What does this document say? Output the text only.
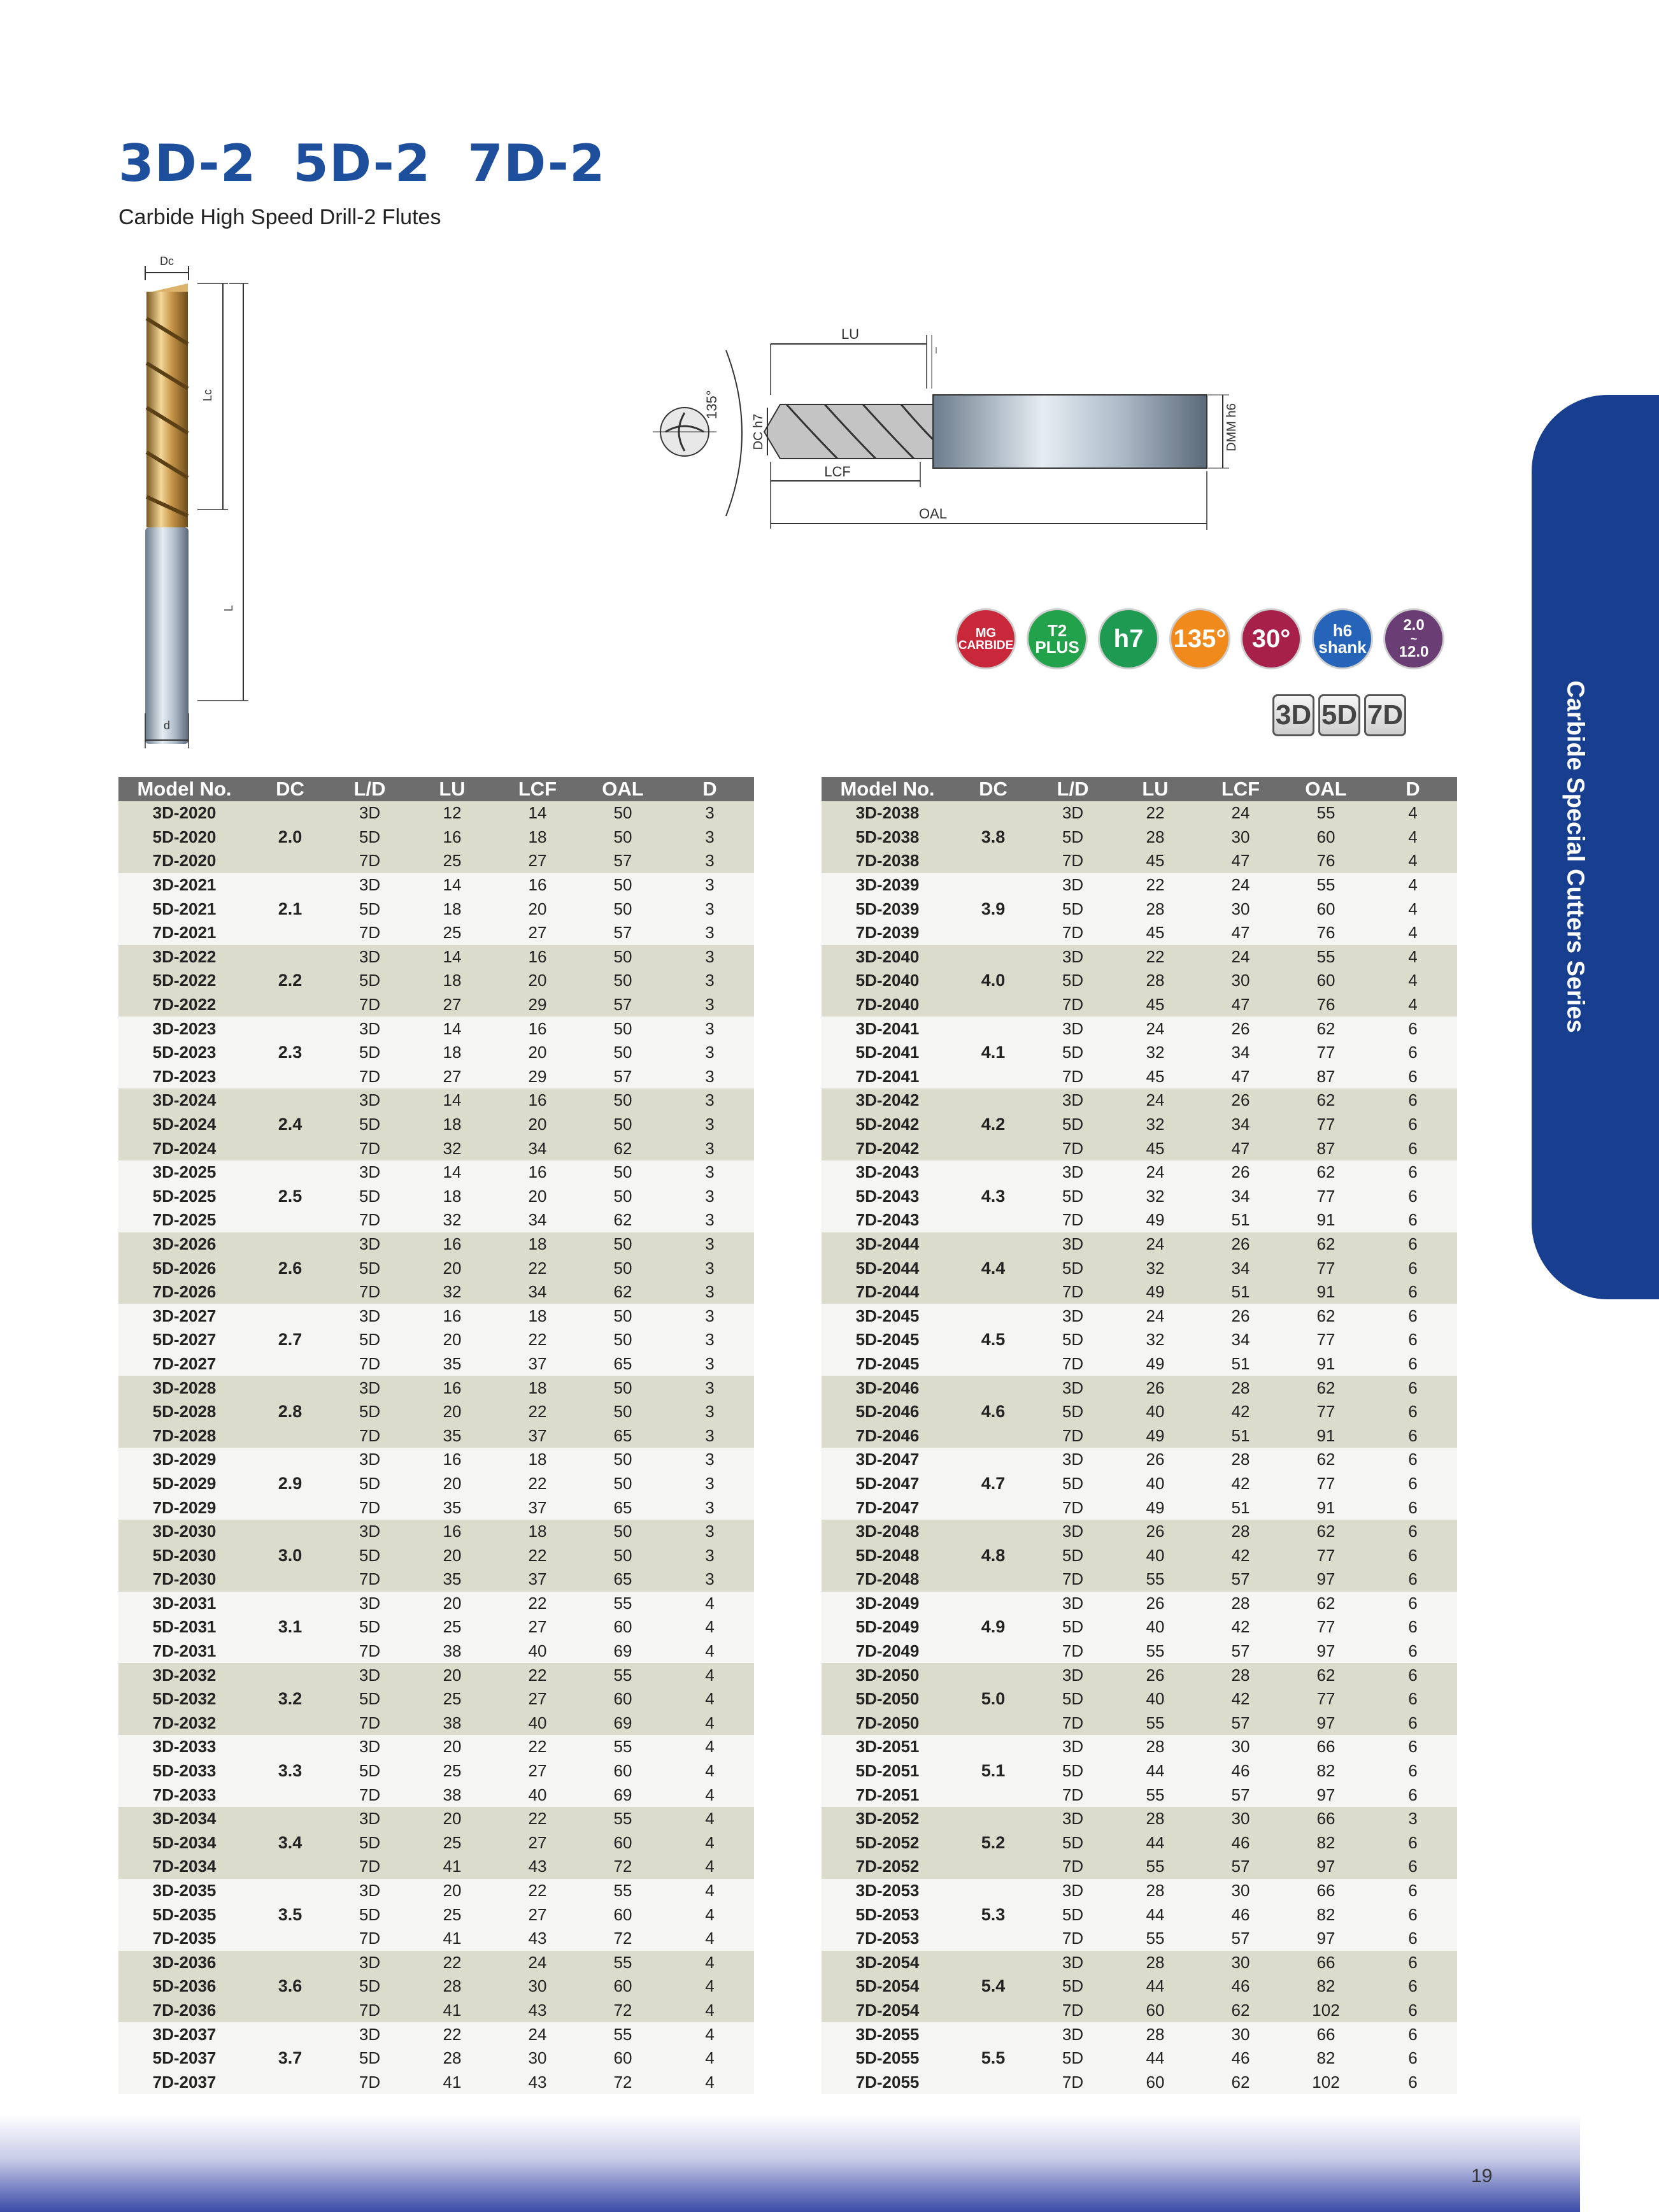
3D-2  5D-2  7D-2
Carbide High Speed Drill-2 Flutes
Carbide Special Cutters Series
Dc
Lc
L
d
135°
LU
LCF
OAL
DC h7	DMM h6
MG
CARBIDE
T2
PLUS h7 135° 30°	h6
shank
2.0
~
12.0
3D 5D 7D
Model No.	DC	L/D	LU	LCF	OAL	D
3D-2020	2.0	3D	12	14	50	3
5D-2020		5D	16	18	50	3
7D-2020		7D	25	27	57	3
3D-2021	2.1	3D	14	16	50	3
5D-2021		5D	18	20	50	3
7D-2021		7D	25	27	57	3
3D-2022	2.2	3D	14	16	50	3
5D-2022		5D	18	20	50	3
7D-2022		7D	27	29	57	3
3D-2023	2.3	3D	14	16	50	3
5D-2023		5D	18	20	50	3
7D-2023		7D	27	29	57	3
3D-2024	2.4	3D	14	16	50	3
5D-2024		5D	18	20	50	3
7D-2024		7D	32	34	62	3
3D-2025	2.5	3D	14	16	50	3
5D-2025		5D	18	20	50	3
7D-2025		7D	32	34	62	3
3D-2026	2.6	3D	16	18	50	3
5D-2026		5D	20	22	50	3
7D-2026		7D	32	34	62	3
3D-2027	2.7	3D	16	18	50	3
5D-2027		5D	20	22	50	3
7D-2027		7D	35	37	65	3
3D-2028	2.8	3D	16	18	50	3
5D-2028		5D	20	22	50	3
7D-2028		7D	35	37	65	3
3D-2029	2.9	3D	16	18	50	3
5D-2029		5D	20	22	50	3
7D-2029		7D	35	37	65	3
3D-2030	3.0	3D	16	18	50	3
5D-2030		5D	20	22	50	3
7D-2030		7D	35	37	65	3
3D-2031	3.1	3D	20	22	55	4
5D-2031		5D	25	27	60	4
7D-2031		7D	38	40	69	4
3D-2032	3.2	3D	20	22	55	4
5D-2032		5D	25	27	60	4
7D-2032		7D	38	40	69	4
3D-2033	3.3	3D	20	22	55	4
5D-2033		5D	25	27	60	4
7D-2033		7D	38	40	69	4
3D-2034	3.4	3D	20	22	55	4
5D-2034		5D	25	27	60	4
7D-2034		7D	41	43	72	4
3D-2035	3.5	3D	20	22	55	4
5D-2035		5D	25	27	60	4
7D-2035		7D	41	43	72	4
3D-2036	3.6	3D	22	24	55	4
5D-2036		5D	28	30	60	4
7D-2036		7D	41	43	72	4
3D-2037	3.7	3D	22	24	55	4
5D-2037		5D	28	30	60	4
7D-2037		7D	41	43	72	4
Model No.	DC	L/D	LU	LCF	OAL	D
3D-2038	3.8	3D	22	24	55	4
5D-2038		5D	28	30	60	4
7D-2038		7D	45	47	76	4
3D-2039	3.9	3D	22	24	55	4
5D-2039		5D	28	30	60	4
7D-2039		7D	45	47	76	4
3D-2040	4.0	3D	22	24	55	4
5D-2040		5D	28	30	60	4
7D-2040		7D	45	47	76	4
3D-2041	4.1	3D	24	26	62	6
5D-2041		5D	32	34	77	6
7D-2041		7D	45	47	87	6
3D-2042	4.2	3D	24	26	62	6
5D-2042		5D	32	34	77	6
7D-2042		7D	45	47	87	6
3D-2043	4.3	3D	24	26	62	6
5D-2043		5D	32	34	77	6
7D-2043		7D	49	51	91	6
3D-2044	4.4	3D	24	26	62	6
5D-2044		5D	32	34	77	6
7D-2044		7D	49	51	91	6
3D-2045	4.5	3D	24	26	62	6
5D-2045		5D	32	34	77	6
7D-2045		7D	49	51	91	6
3D-2046	4.6	3D	26	28	62	6
5D-2046		5D	40	42	77	6
7D-2046		7D	49	51	91	6
3D-2047	4.7	3D	26	28	62	6
5D-2047		5D	40	42	77	6
7D-2047		7D	49	51	91	6
3D-2048	4.8	3D	26	28	62	6
5D-2048		5D	40	42	77	6
7D-2048		7D	55	57	97	6
3D-2049	4.9	3D	26	28	62	6
5D-2049		5D	40	42	77	6
7D-2049		7D	55	57	97	6
3D-2050	5.0	3D	26	28	62	6
5D-2050		5D	40	42	77	6
7D-2050		7D	55	57	97	6
3D-2051	5.1	3D	28	30	66	6
5D-2051		5D	44	46	82	6
7D-2051		7D	55	57	97	6
3D-2052	5.2	3D	28	30	66	3
5D-2052		5D	44	46	82	6
7D-2052		7D	55	57	97	6
3D-2053	5.3	3D	28	30	66	6
5D-2053		5D	44	46	82	6
7D-2053		7D	55	57	97	6
3D-2054	5.4	3D	28	30	66	6
5D-2054		5D	44	46	82	6
7D-2054		7D	60	62	102	6
3D-2055	5.5	3D	28	30	66	6
5D-2055		5D	44	46	82	6
7D-2055		7D	60	62	102	6
19
